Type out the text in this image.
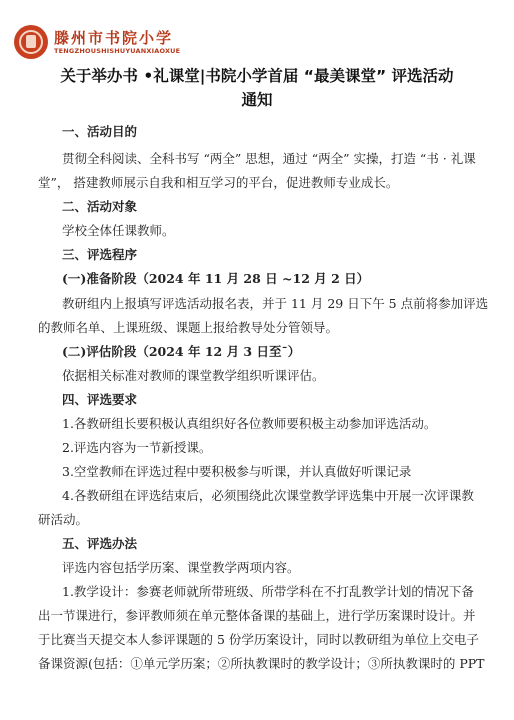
滕州市书院小学
TENGZHOUSHISHUYUANXIAOXUE
关于举办书 •礼课堂|书院小学首届 “最美课堂” 评选活动
通知
一、活动目的
贯彻全科阅读、全科书写 “两全” 思想，通过 “两全” 实操，打造 “书 · 礼课
堂”， 搭建教师展示自我和相互学习的平台，促进教师专业成长。
二、活动对象
学校全体任课教师。
三、评选程序
(一)准备阶段（2024 年 11 月 28 日 ~12 月 2 日）
教研组内上报填写评选活动报名表，并于 11 月 29 日下午 5 点前将参加评选
的教师名单、上课班级、课题上报给教导处分管领导。
(二)评估阶段（2024 年 12 月 3 日至¯）
依据相关标准对教师的课堂教学组织听课评估。
四、评选要求
1.各教研组长要积极认真组织好各位教师要积极主动参加评选活动。
2.评选内容为一节新授课。
3.空堂教师在评选过程中要积极参与听课，并认真做好听课记录
4.各教研组在评选结束后，必须围绕此次课堂教学评选集中开展一次评课教
研活动。
五、评选办法
评选内容包括学历案、课堂教学两项内容。
1.教学设计：参赛老师就所带班级、所带学科在不打乱教学计划的情况下备
出一节课进行，参评教师须在单元整体备课的基础上，进行学历案课时设计。并
于比赛当天提交本人参评课题的 5 份学历案设计，同时以教研组为单位上交电子
备课资源(包括：①单元学历案；②所执教课时的教学设计；③所执教课时的 PPT
